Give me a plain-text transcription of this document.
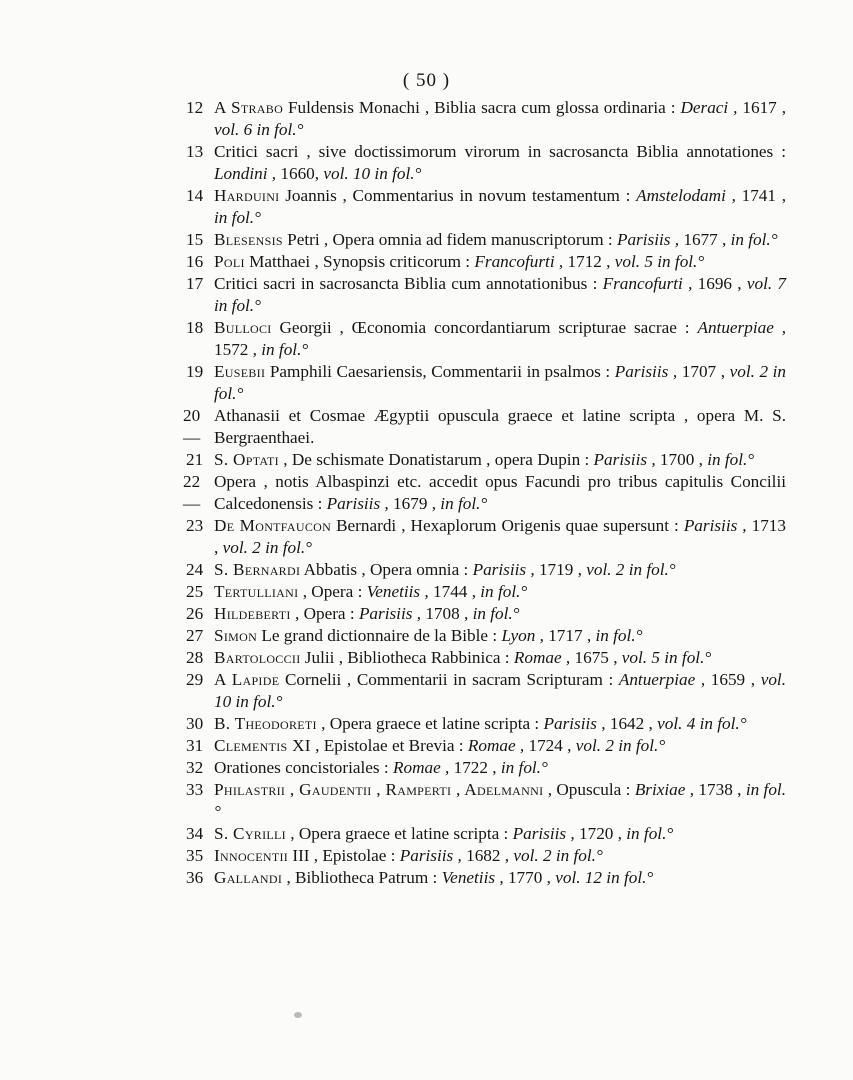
( 50 )
12 A Strabo Fuldensis Monachi , Biblia sacra cum glossa ordinaria : Deraci , 1617 , vol. 6 in fol.°
13 Critici sacri , sive doctissimorum virorum in sacrosancta Biblia annotationes : Londini , 1660, vol. 10 in fol.°
14 Harduini Joannis , Commentarius in novum testamentum : Amstelodami , 1741 , in fol.°
15 Blesensis Petri , Opera omnia ad fidem manuscriptorum : Parisiis , 1677 , in fol.°
16 Poli Matthaei , Synopsis criticorum : Francofurti , 1712 , vol. 5 in fol.°
17 Critici sacri in sacrosancta Biblia cum annotationibus : Francofurti , 1696 , vol. 7 in fol.°
18 Bulloci Georgii , Œconomia concordantiarum scripturae sacrae : Antuerpiae , 1572 , in fol.°
19 Eusebii Pamphili Caesariensis, Commentarii in psalmos : Parisiis , 1707 , vol. 2 in fol.°
20—
Athanasii et Cosmae Ægyptii opuscula graece et latine scripta , opera M. S. Bergraenthaei.
21 S. Optati , De schismate Donatistarum , opera Dupin : Parisiis , 1700 , in fol.°
22—
Opera , notis Albaspinzi etc. accedit opus Facundi pro tribus capitulis Concilii Calcedonensis : Parisiis , 1679 , in fol.°
23 De Montfaucon Bernardi , Hexaplorum Origenis quae supersunt : Parisiis , 1713 , vol. 2 in fol.°
24 S. Bernardi Abbatis , Opera omnia : Parisiis , 1719 , vol. 2 in fol.°
25 Tertulliani , Opera : Venetiis , 1744 , in fol.°
26 Hildeberti , Opera : Parisiis , 1708 , in fol.°
27 Simon Le grand dictionnaire de la Bible : Lyon , 1717 , in fol.°
28 Bartoloccii Julii , Bibliotheca Rabbinica : Romae , 1675 , vol. 5 in fol.°
29 A Lapide Cornelii , Commentarii in sacram Scripturam : Antuerpiae , 1659 , vol. 10 in fol.°
30 B. Theodoreti , Opera graece et latine scripta : Parisiis , 1642 , vol. 4 in fol.°
31 Clementis XI , Epistolae et Brevia : Romae , 1724 , vol. 2 in fol.°
32 Orationes concistoriales : Romae , 1722 , in fol.°
33 Philastrii , Gaudentii , Ramperti , Adelmanni , Opuscula : Brixiae , 1738 , in fol.°
34 S. Cyrilli , Opera graece et latine scripta : Parisiis , 1720 , in fol.°
35 Innocentii III , Epistolae : Parisiis , 1682 , vol. 2 in fol.°
36 Gallandi , Bibliotheca Patrum : Venetiis , 1770 , vol. 12 in fol.°
